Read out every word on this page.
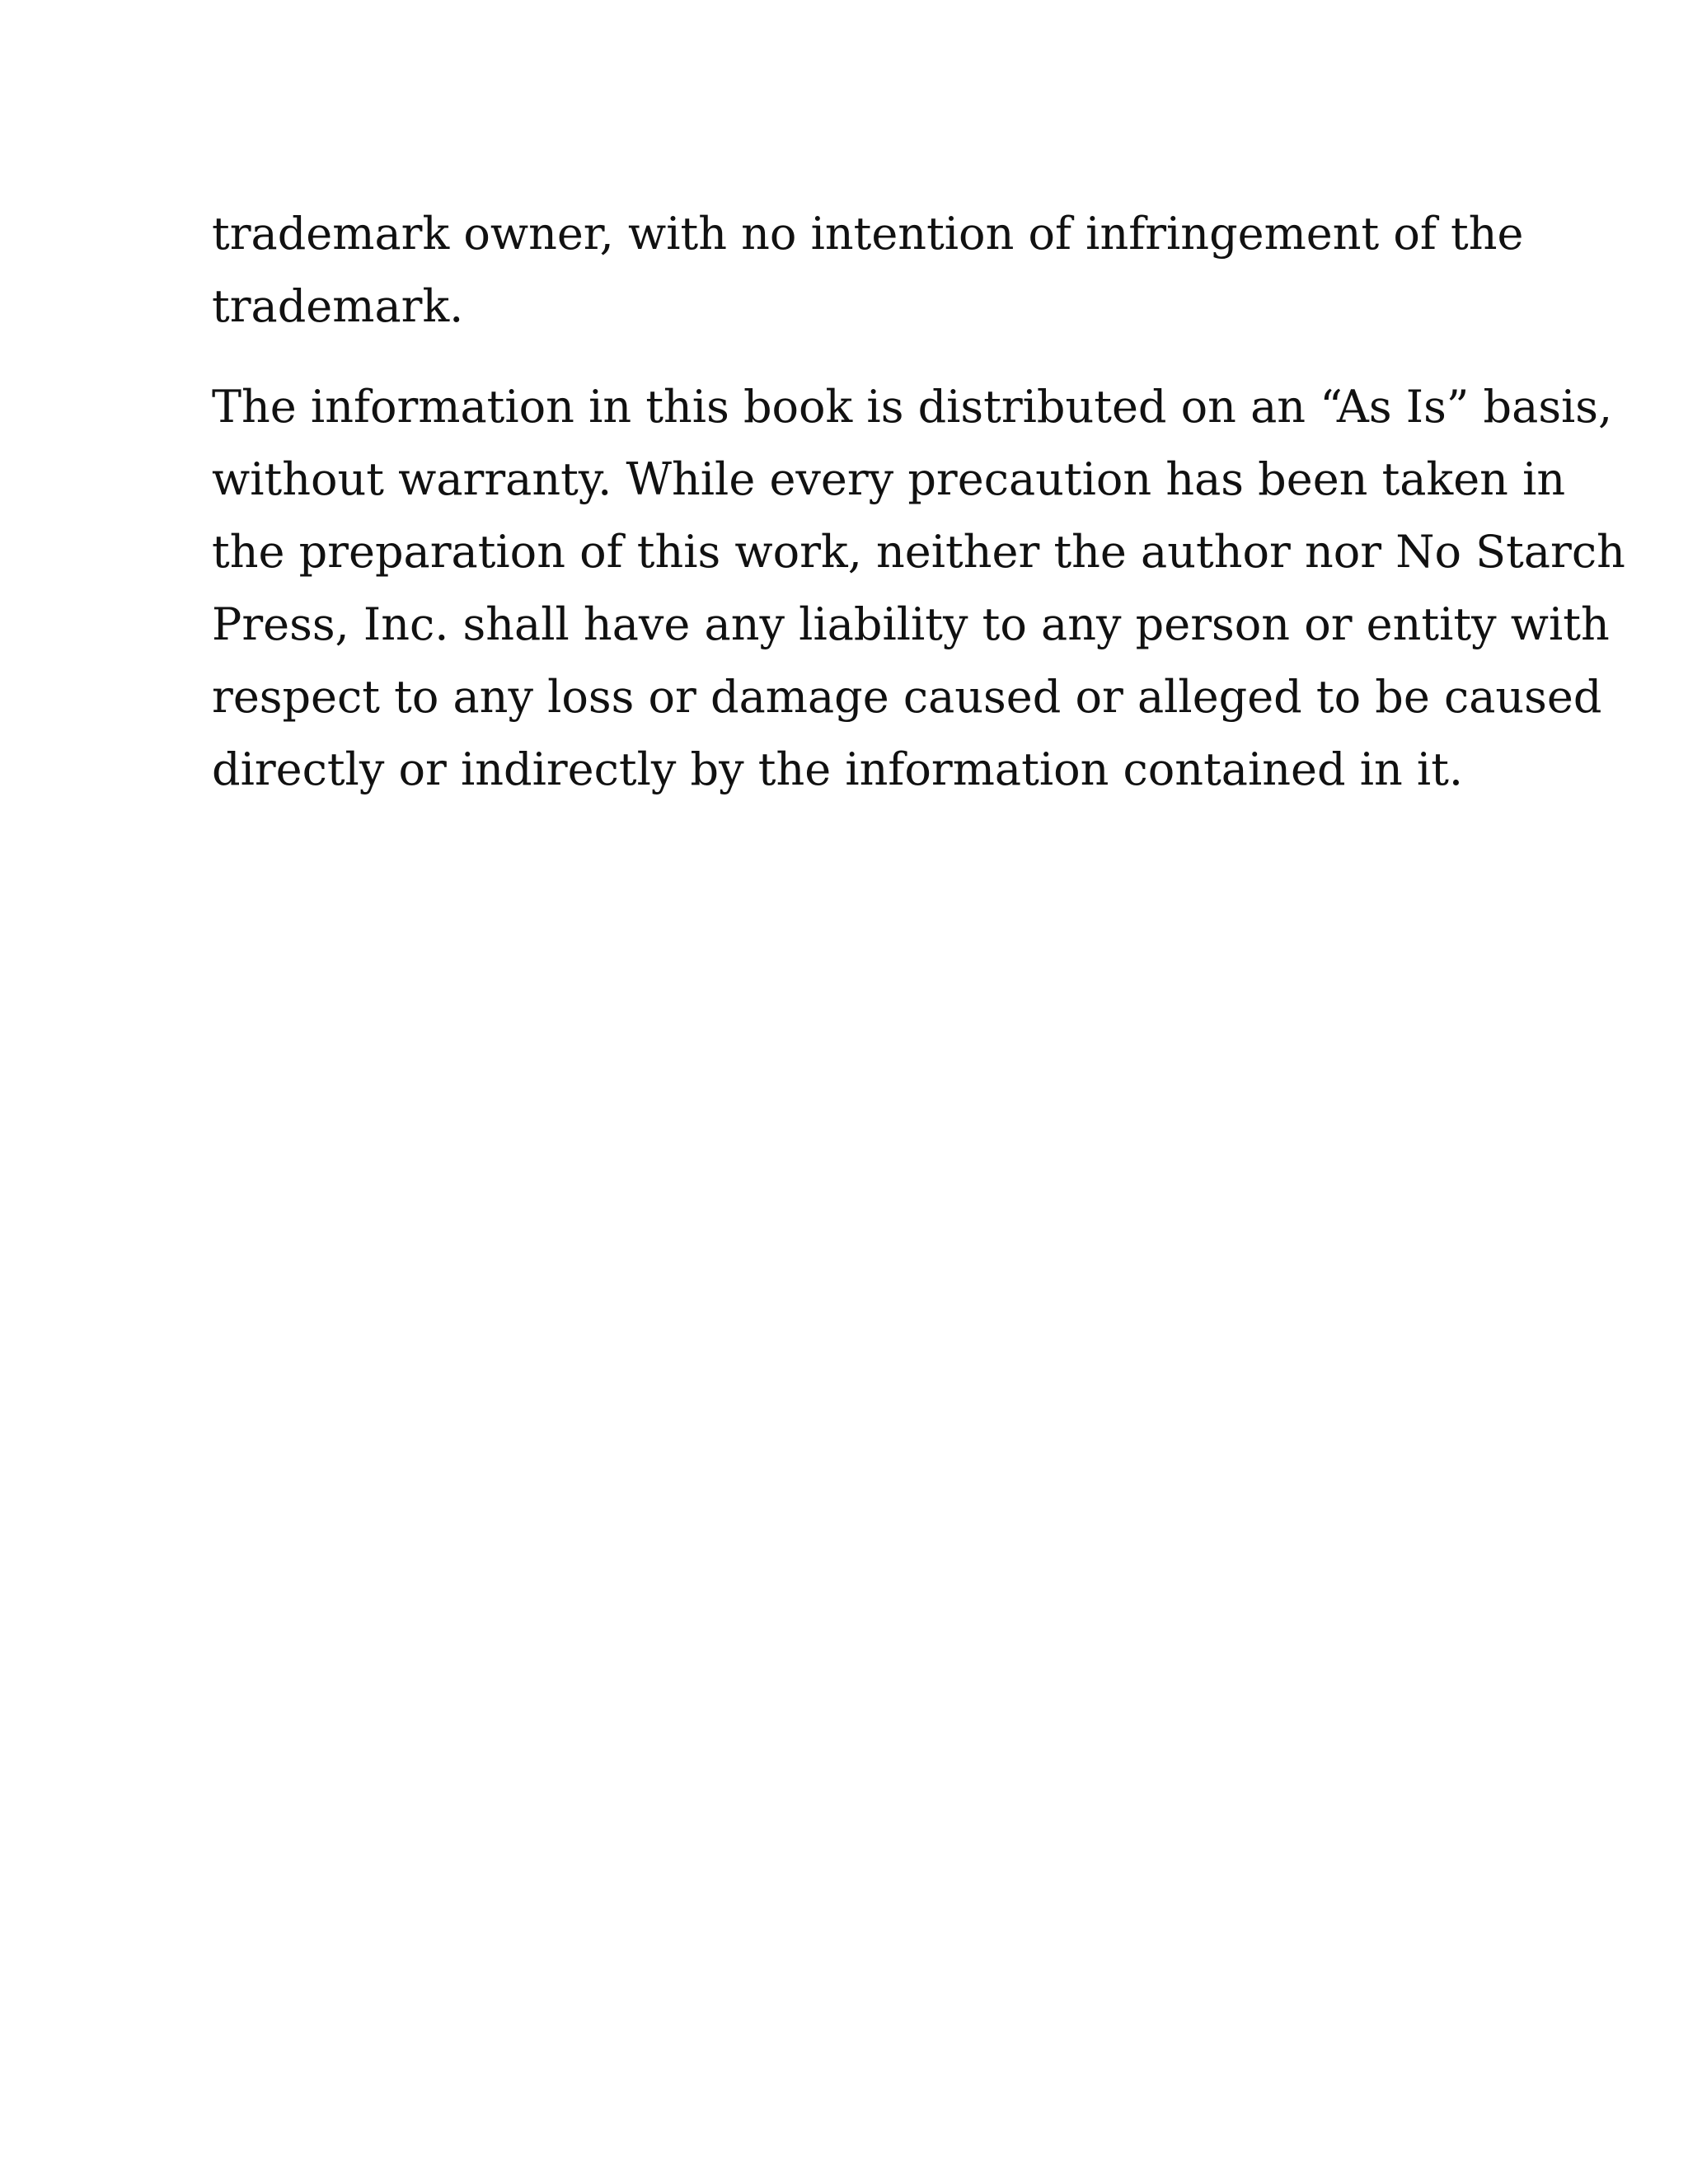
trademark owner, with no intention of infringement of the
trademark.

The information in this book is distributed on an “As Is” basis,
without warranty. While every precaution has been taken in
the preparation of this work, neither the author nor No Starch
Press, Inc. shall have any liability to any person or entity with
respect to any loss or damage caused or alleged to be caused
directly or indirectly by the information contained in it.
